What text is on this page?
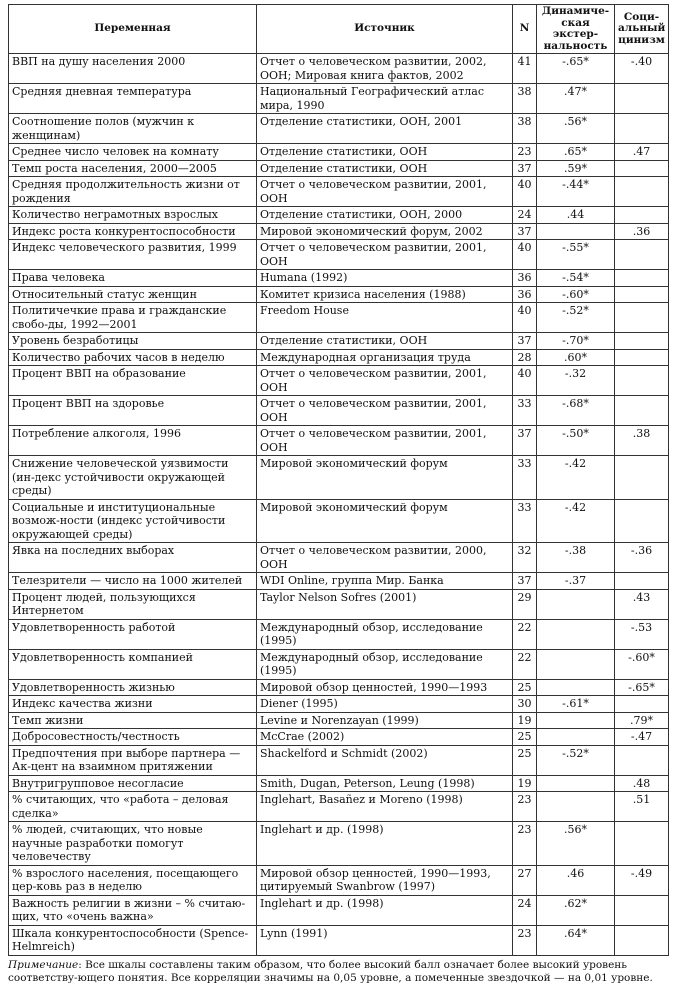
Переменная	Источник	N	Динамиче-ская экстер-нальность	Соци-альный цинизм
ВВП на душу населения 2000	Отчет о человеческом развитии, 2002, ООН; Мировая книга фактов, 2002	41	-.65*	-.40
Средняя дневная температура	Национальный Географический атлас мира, 1990	38	.47*	
Соотношение полов (мужчин к женщинам)	Отделение статистики, ООН, 2001	38	.56*	
Среднее число человек на комнату	Отделение статистики, ООН	23	.65*	.47
Темп роста населения, 2000—2005	Отделение статистики, ООН	37	.59*	
Средняя продолжительность жизни от рождения	Отчет о человеческом развитии, 2001, ООН	40	-.44*	
Количество неграмотных взрослых	Отделение статистики, ООН, 2000	24	.44	
Индекс роста конкурентоспособности	Мировой экономический форум, 2002	37		.36
Индекс человеческого развития, 1999	Отчет о человеческом развитии, 2001, ООН	40	-.55*	
Права человека	Humana (1992)	36	-.54*	
Относительный статус женщин	Комитет кризиса населения (1988)	36	-.60*	
Политичечкие права и гражданские свобо-ды, 1992—2001	Freedom House	40	-.52*	
Уровень безработицы	Отделение статистики, ООН	37	-.70*	
Количество рабочих часов в неделю	Международная организация труда	28	.60*	
Процент ВВП на образование	Отчет о человеческом развитии, 2001, ООН	40	-.32	
Процент ВВП на здоровье	Отчет о человеческом развитии, 2001, ООН	33	-.68*	
Потребление алкоголя, 1996	Отчет о человеческом развитии, 2001, ООН	37	-.50*	.38
Снижение человеческой уязвимости (ин-декс устойчивости окружающей среды)	Мировой экономический форум	33	-.42	
Социальные и институциональные возмож-ности (индекс устойчивости окружающей среды)	Мировой экономический форум	33	-.42	
Явка на последних выборах	Отчет о человеческом развитии, 2000, ООН	32	-.38	-.36
Телезрители — число на 1000 жителей	WDI Online, группа Мир. Банка	37	-.37	
Процент людей, пользующихся Интернетом	Taylor Nelson Sofres (2001)	29		.43
Удовлетворенность работой	Международный обзор, исследование (1995)	22		-.53
Удовлетворенность компанией	Международный обзор, исследование (1995)	22		-.60*
Удовлетворенность жизнью	Мировой обзор ценностей, 1990—1993	25		-.65*
Индекс качества жизни	Diener (1995)	30	-.61*	
Темп жизни	Levine и Norenzayan (1999)	19		.79*
Добросовестность/честность	McCrae (2002)	25		-.47
Предпочтения при выборе партнера — Ак-цент на взаимном притяжении	Shackelford и Schmidt (2002)	25	-.52*	
Внутригрупповое несогласие	Smith, Dugan, Peterson, Leung (1998)	19		.48
% считающих, что «работа – деловая сделка»	Inglehart, Basañez и Moreno (1998)	23		.51
% людей, считающих, что новые научные разработки помогут человечеству	Inglehart и др. (1998)	23	.56*	
% взрослого населения, посещающего цер-ковь раз в неделю	Мировой обзор ценностей, 1990—1993, цитируемый Swanbrow (1997)	27	.46	-.49
Важность религии в жизни – % считаю-щих, что «очень важна»	Inglehart и др. (1998)	24	.62*	
Шкала конкурентоспособности (Spence-Helmreich)	Lynn (1991)	23	.64*	
Примечание: Все шкалы составлены таким образом, что более высокий балл означает более высокий уровень соответству-ющего понятия. Все корреляции значимы на 0,05 уровне, а помеченные звездочкой — на 0,01 уровне.
